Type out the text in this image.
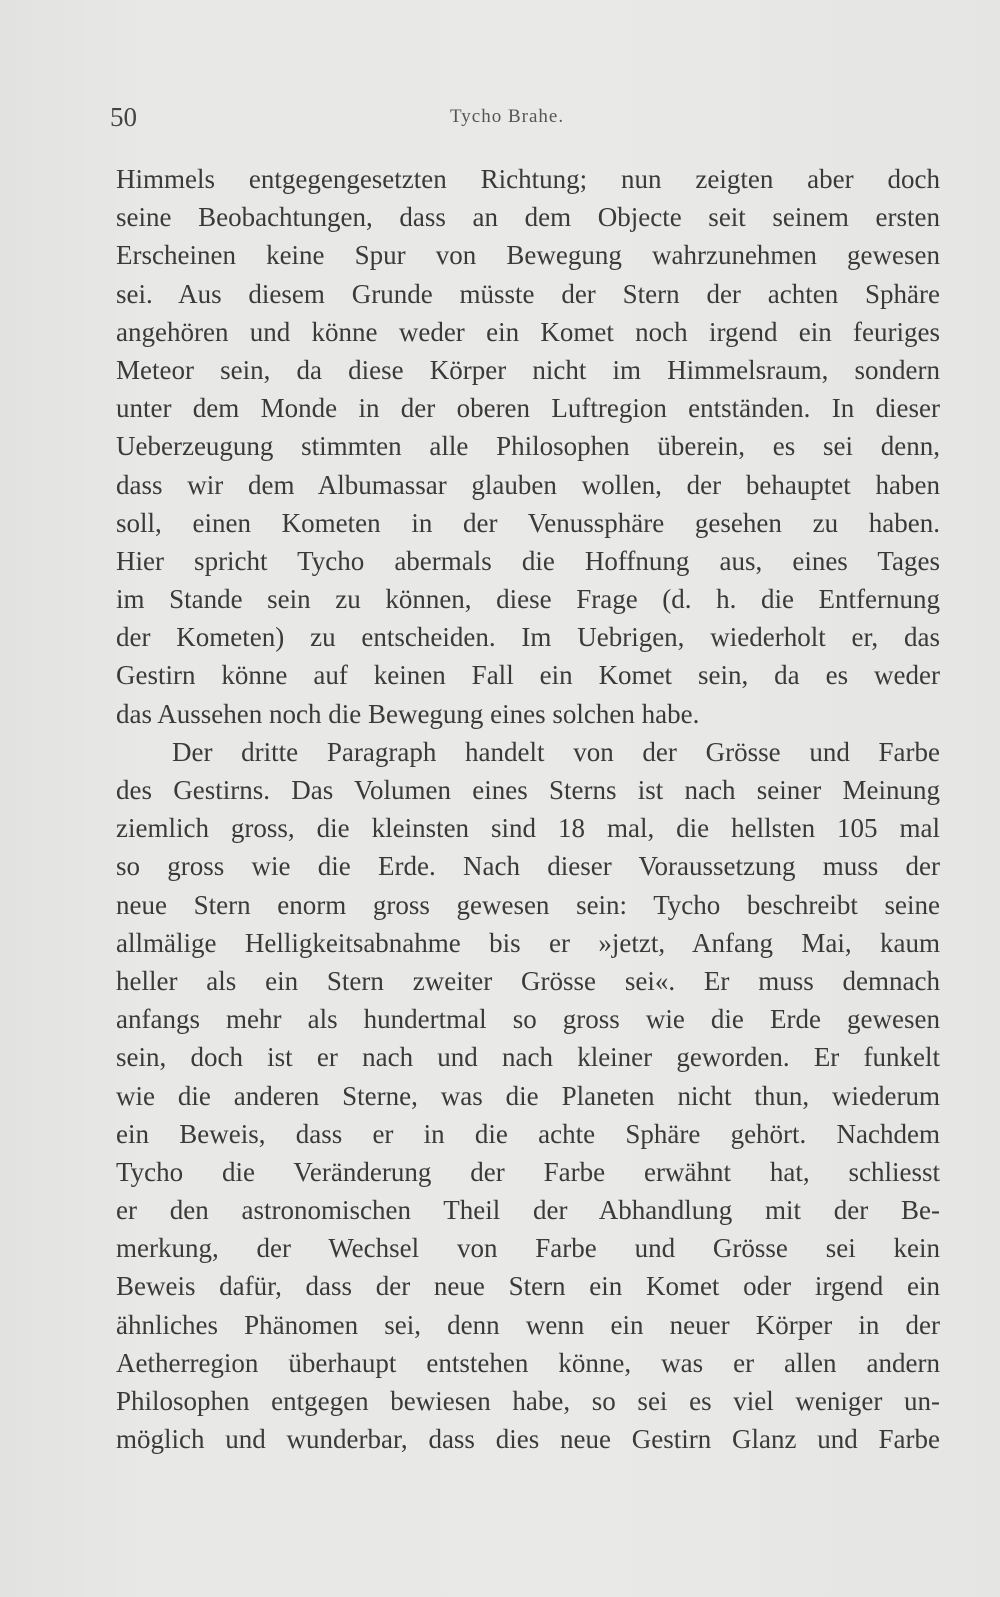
50	Tycho Brahe.
Himmels entgegengesetzten Richtung; nun zeigten aber doch
seine Beobachtungen, dass an dem Objecte seit seinem ersten
Erscheinen keine Spur von Bewegung wahrzunehmen gewesen
sei. Aus diesem Grunde müsste der Stern der achten Sphäre
angehören und könne weder ein Komet noch irgend ein feuriges
Meteor sein, da diese Körper nicht im Himmelsraum, sondern
unter dem Monde in der oberen Luftregion entständen. In dieser
Ueberzeugung stimmten alle Philosophen überein, es sei denn,
dass wir dem Albumassar glauben wollen, der behauptet haben
soll, einen Kometen in der Venussphäre gesehen zu haben.
Hier spricht Tycho abermals die Hoffnung aus, eines Tages
im Stande sein zu können, diese Frage (d. h. die Entfernung
der Kometen) zu entscheiden. Im Uebrigen, wiederholt er, das
Gestirn könne auf keinen Fall ein Komet sein, da es weder
das Aussehen noch die Bewegung eines solchen habe.
Der dritte Paragraph handelt von der Grösse und Farbe
des Gestirns. Das Volumen eines Sterns ist nach seiner Meinung
ziemlich gross, die kleinsten sind 18 mal, die hellsten 105 mal
so gross wie die Erde. Nach dieser Voraussetzung muss der
neue Stern enorm gross gewesen sein: Tycho beschreibt seine
allmälige Helligkeitsabnahme bis er »jetzt, Anfang Mai, kaum
heller als ein Stern zweiter Grösse sei«. Er muss demnach
anfangs mehr als hundertmal so gross wie die Erde gewesen
sein, doch ist er nach und nach kleiner geworden. Er funkelt
wie die anderen Sterne, was die Planeten nicht thun, wiederum
ein Beweis, dass er in die achte Sphäre gehört. Nachdem
Tycho die Veränderung der Farbe erwähnt hat, schliesst
er den astronomischen Theil der Abhandlung mit der Be-
merkung, der Wechsel von Farbe und Grösse sei kein
Beweis dafür, dass der neue Stern ein Komet oder irgend ein
ähnliches Phänomen sei, denn wenn ein neuer Körper in der
Aetherregion überhaupt entstehen könne, was er allen andern
Philosophen entgegen bewiesen habe, so sei es viel weniger un-
möglich und wunderbar, dass dies neue Gestirn Glanz und Farbe
